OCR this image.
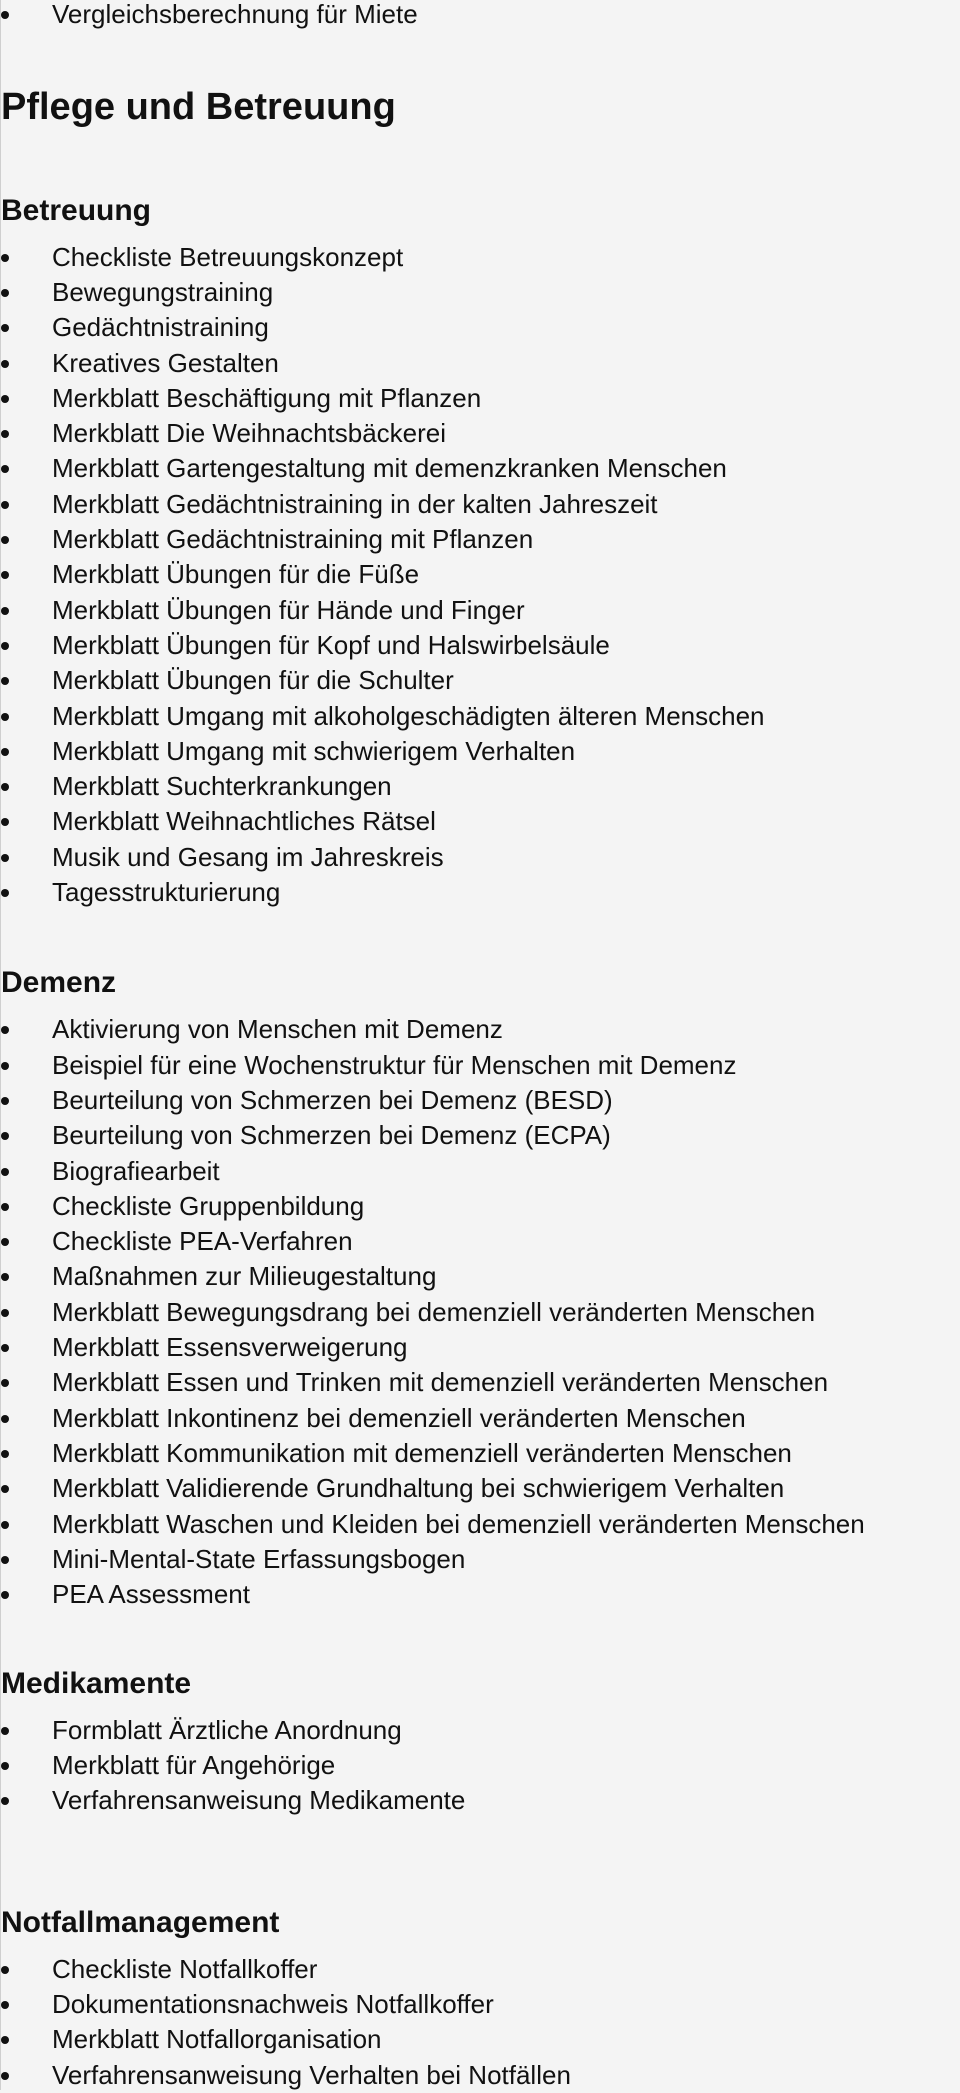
Vergleichsberechnung für Miete
Pflege und Betreuung
Betreuung
Checkliste Betreuungskonzept
Bewegungstraining
Gedächtnistraining
Kreatives Gestalten
Merkblatt Beschäftigung mit Pflanzen
Merkblatt Die Weihnachtsbäckerei
Merkblatt Gartengestaltung mit demenzkranken Menschen
Merkblatt Gedächtnistraining in der kalten Jahreszeit
Merkblatt Gedächtnistraining mit Pflanzen
Merkblatt Übungen für die Füße
Merkblatt Übungen für Hände und Finger
Merkblatt Übungen für Kopf und Halswirbelsäule
Merkblatt Übungen für die Schulter
Merkblatt Umgang mit alkoholgeschädigten älteren Menschen
Merkblatt Umgang mit schwierigem Verhalten
Merkblatt Suchterkrankungen
Merkblatt Weihnachtliches Rätsel
Musik und Gesang im Jahreskreis
Tagesstrukturierung
Demenz
Aktivierung von Menschen mit Demenz
Beispiel für eine Wochenstruktur für Menschen mit Demenz
Beurteilung von Schmerzen bei Demenz (BESD)
Beurteilung von Schmerzen bei Demenz (ECPA)
Biografiearbeit
Checkliste Gruppenbildung
Checkliste PEA-Verfahren
Maßnahmen zur Milieugestaltung
Merkblatt Bewegungsdrang bei demenziell veränderten Menschen
Merkblatt Essensverweigerung
Merkblatt Essen und Trinken mit demenziell veränderten Menschen
Merkblatt Inkontinenz bei demenziell veränderten Menschen
Merkblatt Kommunikation mit demenziell veränderten Menschen
Merkblatt Validierende Grundhaltung bei schwierigem Verhalten
Merkblatt Waschen und Kleiden bei demenziell veränderten Menschen
Mini-Mental-State Erfassungsbogen
PEA Assessment
Medikamente
Formblatt Ärztliche Anordnung
Merkblatt für Angehörige
Verfahrensanweisung Medikamente
Notfallmanagement
Checkliste Notfallkoffer
Dokumentationsnachweis Notfallkoffer
Merkblatt Notfallorganisation
Verfahrensanweisung Verhalten bei Notfällen
